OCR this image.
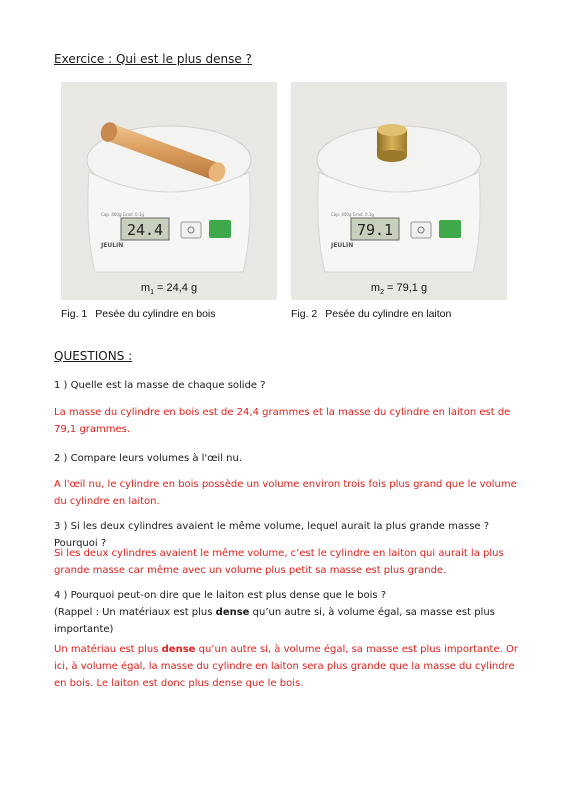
Exercice : Qui est le plus dense ?
Cap. 400g Grad. 0.1g
24.4
JEULIN
$m_1 = 24,4$ g
Cap. 400g Grad. 0.1g
79.1
JEULIN
$m_2 = 79,1$ g
Fig. 1 Pesée du cylindre en bois	Fig. 2 Pesée du cylindre en laiton
QUESTIONS :
1 ) Quelle est la masse de chaque solide ?
La masse du cylindre en bois est de 24,4 grammes et la masse du cylindre en laiton est de 79,1 grammes.
2 ) Compare leurs volumes à l'œil nu.
A l'œil nu, le cylindre en bois possède un volume environ trois fois plus grand que le volume du cylindre en laiton.
3 ) Si les deux cylindres avaient le même volume, lequel aurait la plus grande masse ? Pourquoi ?
Si les deux cylindres avaient le même volume, c’est le cylindre en laiton qui aurait la plus grande masse car même avec un volume plus petit sa masse est plus grande.
4 ) Pourquoi peut-on dire que le laiton est plus dense que le bois ?
(Rappel : Un matériaux est plus dense qu’un autre si, à volume égal, sa masse est plus importante)
Un matériau est plus dense qu’un autre si, à volume égal, sa masse est plus importante. Or ici, à volume égal, la masse du cylindre en laiton sera plus grande que la masse du cylindre en bois. Le laiton est donc plus dense que le bois.
